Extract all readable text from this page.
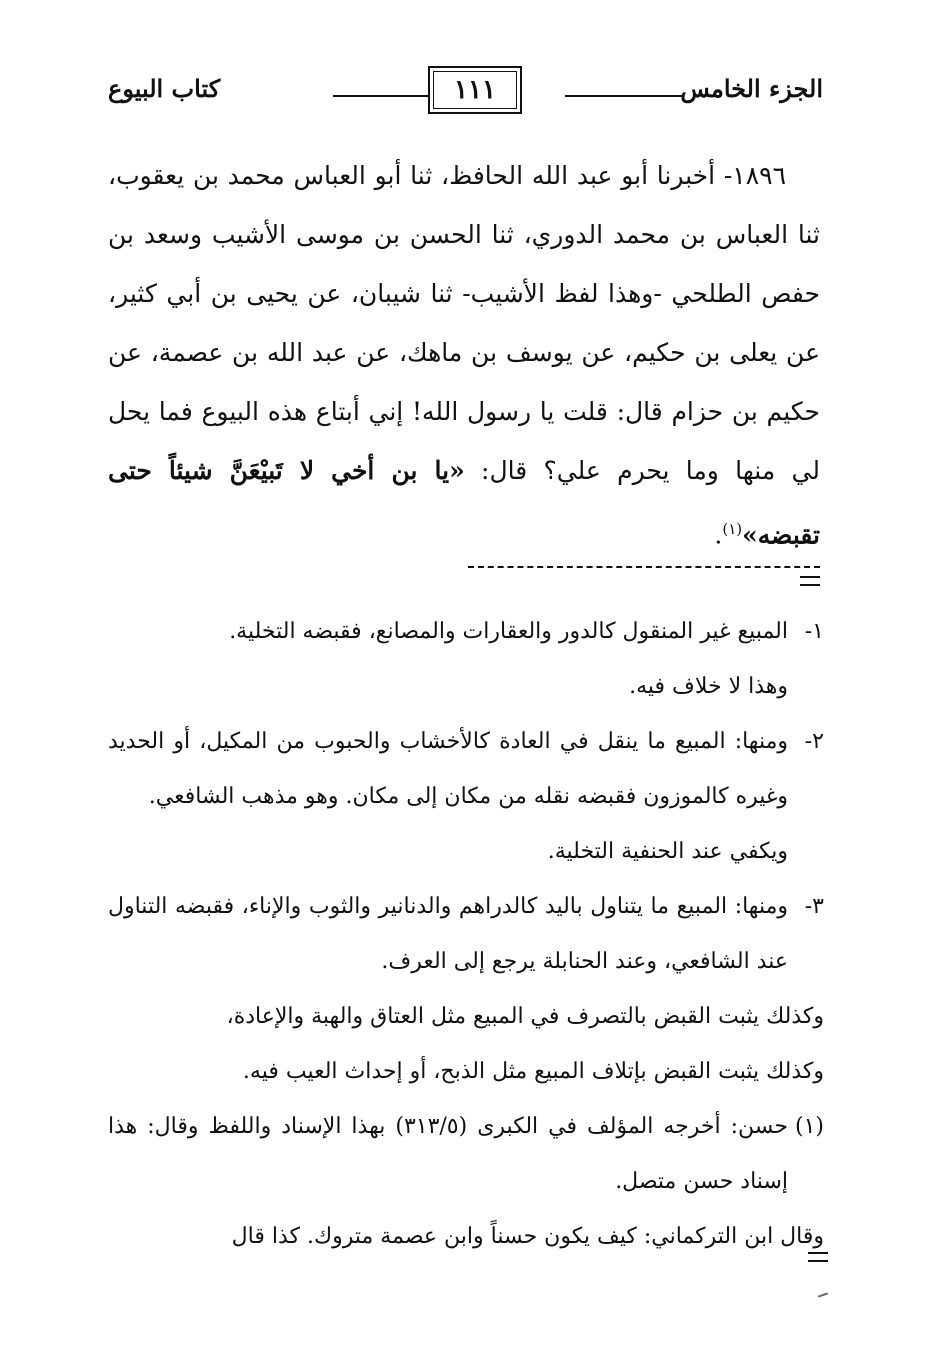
الجزء الخامس
١١١
كتاب البيوع

١٨٩٦- أخبرنا أبو عبد الله الحافظ، ثنا أبو العباس محمد بن يعقوب، ثنا العباس بن محمد الدوري، ثنا الحسن بن موسى الأشيب وسعد بن حفص الطلحي -وهذا لفظ الأشيب- ثنا شيبان، عن يحيى بن أبي كثير، عن يعلى بن حكيم، عن يوسف بن ماهك، عن عبد الله بن عصمة، عن حكيم بن حزام قال: قلت يا رسول الله! إني أبتاع هذه البيوع فما يحل لي منها وما يحرم علي؟ قال: «يا بن أخي لا تَبيْعَنَّ شيئاً حتى تقبضه»$^{(١)}$.

١-
المبيع غير المنقول كالدور والعقارات والمصانع، فقبضه التخلية.
وهذا لا خلاف فيه.
٢-
ومنها: المبيع ما ينقل في العادة كالأخشاب والحبوب من المكيل، أو الحديد وغيره كالموزون فقبضه نقله من مكان إلى مكان. وهو مذهب الشافعي.
ويكفي عند الحنفية التخلية.
٣-
ومنها: المبيع ما يتناول باليد كالدراهم والدنانير والثوب والإناء، فقبضه التناول عند الشافعي، وعند الحنابلة يرجع إلى العرف.
وكذلك يثبت القبض بالتصرف في المبيع مثل العتاق والهبة والإعادة،
وكذلك يثبت القبض بإتلاف المبيع مثل الذبح، أو إحداث العيب فيه.
(١)
حسن: أخرجه المؤلف في الكبرى (٣١٣/٥) بهذا الإسناد واللفظ وقال: هذا إسناد حسن متصل.
وقال ابن التركماني: كيف يكون حسناً وابن عصمة متروك. كذا قال
